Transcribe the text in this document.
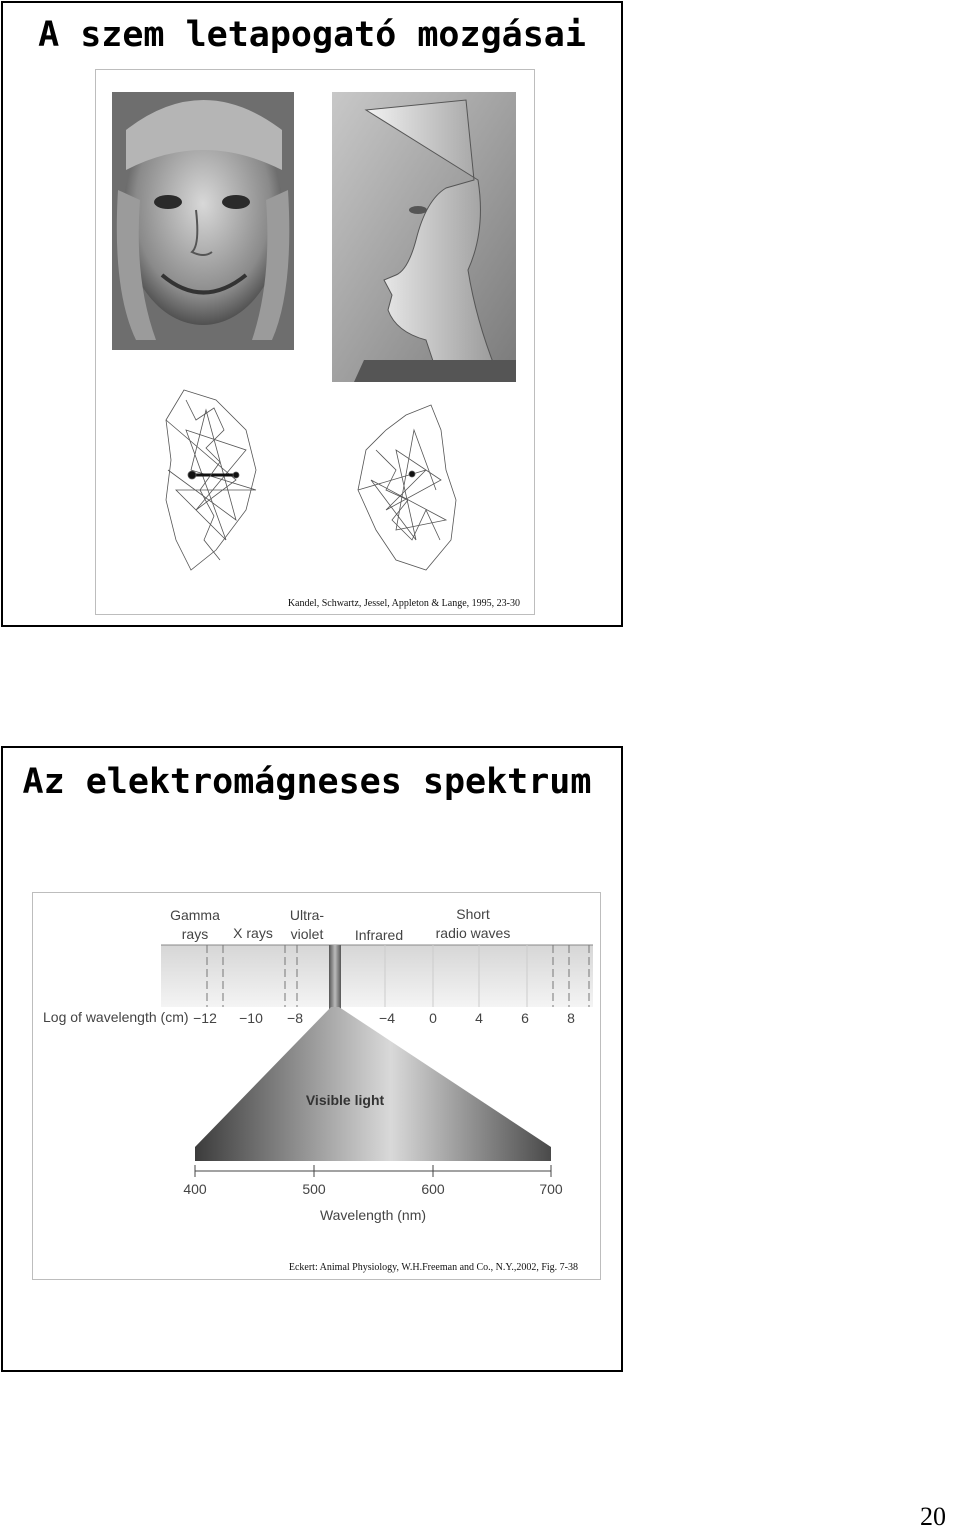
A szem letapogató mozgásai
Kandel, Schwartz, Jessel, Appleton & Lange, 1995, 23-30
Az elektromágneses spektrum
Gamma
rays X rays
Ultra-
violet Infrared
Short
radio waves
Log of wavelength (cm) −12 −10 −8	−4 0	4	6	8
Visible light
400	500	600	700
Wavelength (nm)
Eckert: Animal Physiology, W.H.Freeman and Co., N.Y.,2002, Fig. 7-38
20
